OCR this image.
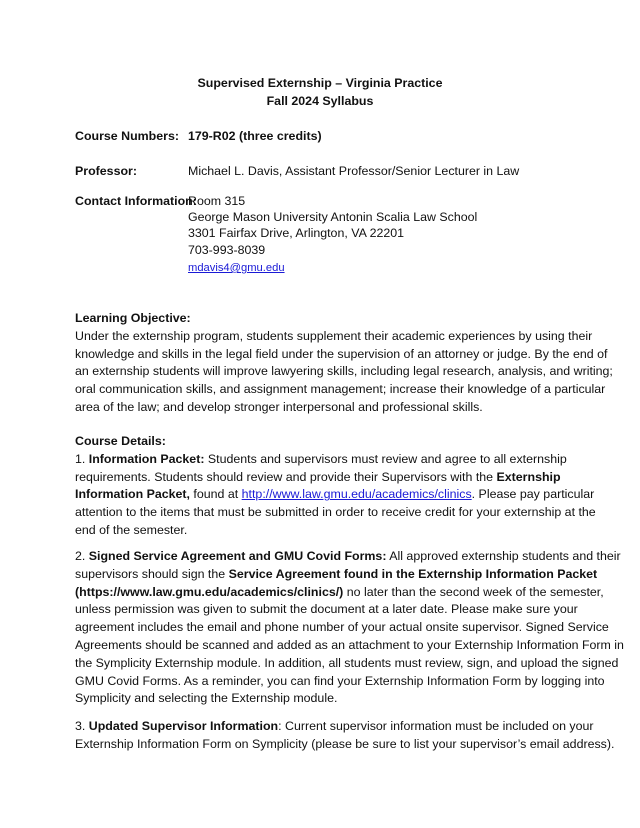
Supervised Externship – Virginia Practice
Fall 2024 Syllabus
Course Numbers: 179-R02 (three credits)
Professor:	Michael L. Davis, Assistant Professor/Senior Lecturer in Law
Contact Information:
Room 315
George Mason University Antonin Scalia Law School
3301 Fairfax Drive, Arlington, VA 22201
703-993-8039
mdavis4@gmu.edu
Learning Objective:
Under the externship program, students supplement their academic experiences by using their
knowledge and skills in the legal field under the supervision of an attorney or judge. By the end of
an externship students will improve lawyering skills, including legal research, analysis, and writing;
oral communication skills, and assignment management; increase their knowledge of a particular
area of the law; and develop stronger interpersonal and professional skills.
Course Details:
1. Information Packet: Students and supervisors must review and agree to all externship
requirements. Students should review and provide their Supervisors with the Externship
Information Packet, found at http://www.law.gmu.edu/academics/clinics. Please pay particular
attention to the items that must be submitted in order to receive credit for your externship at the
end of the semester.
2. Signed Service Agreement and GMU Covid Forms: All approved externship students and their
supervisors should sign the Service Agreement found in the Externship Information Packet
(https://www.law.gmu.edu/academics/clinics/) no later than the second week of the semester,
unless permission was given to submit the document at a later date. Please make sure your
agreement includes the email and phone number of your actual onsite supervisor. Signed Service
Agreements should be scanned and added as an attachment to your Externship Information Form in
the Symplicity Externship module. In addition, all students must review, sign, and upload the signed
GMU Covid Forms. As a reminder, you can find your Externship Information Form by logging into
Symplicity and selecting the Externship module.
3. Updated Supervisor Information: Current supervisor information must be included on your
Externship Information Form on Symplicity (please be sure to list your supervisor’s email address).
